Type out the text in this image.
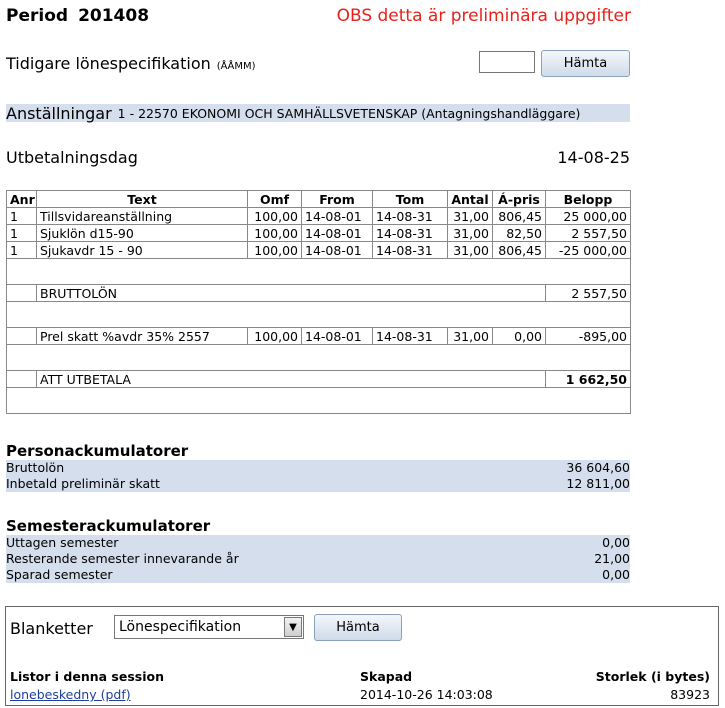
Period 201408	OBS detta är preliminära uppgifter
Tidigare lönespecifikation (ÅÅMM)	Hämta
Anställningar 1 - 22570 EKONOMI OCH SAMHÄLLSVETENSKAP (Antagningshandläggare)
Utbetalningsdag	14-08-25
Anr	Text	Omf	From	Tom	Antal	Á-pris	Belopp
1	Tillsvidareanställning	100,00	14-08-01	14-08-31	31,00	806,45	25 000,00
1	Sjuklön d15-90	100,00	14-08-01	14-08-31	31,00	82,50	2 557,50
1	Sjukavdr 15 - 90	100,00	14-08-01	14-08-31	31,00	806,45	-25 000,00

	BRUTTOLÖN						2 557,50

	Prel skatt %avdr 35% 2557	100,00	14-08-01	14-08-31	31,00	0,00	-895,00

	ATT UTBETALA						1 662,50

Personackumulatorer
Bruttolön	36 604,60
Inbetald preliminär skatt	12 811,00
Semesterackumulatorer
Uttagen semester	0,00
Resterande semester innevarande år	21,00
Sparad semester	0,00
Blanketter Lönespecifikation	▼	Hämta
Listor i denna session	Skapad	Storlek (i bytes)
lonebeskedny (pdf)	2014-10-26 14:03:08	83923
